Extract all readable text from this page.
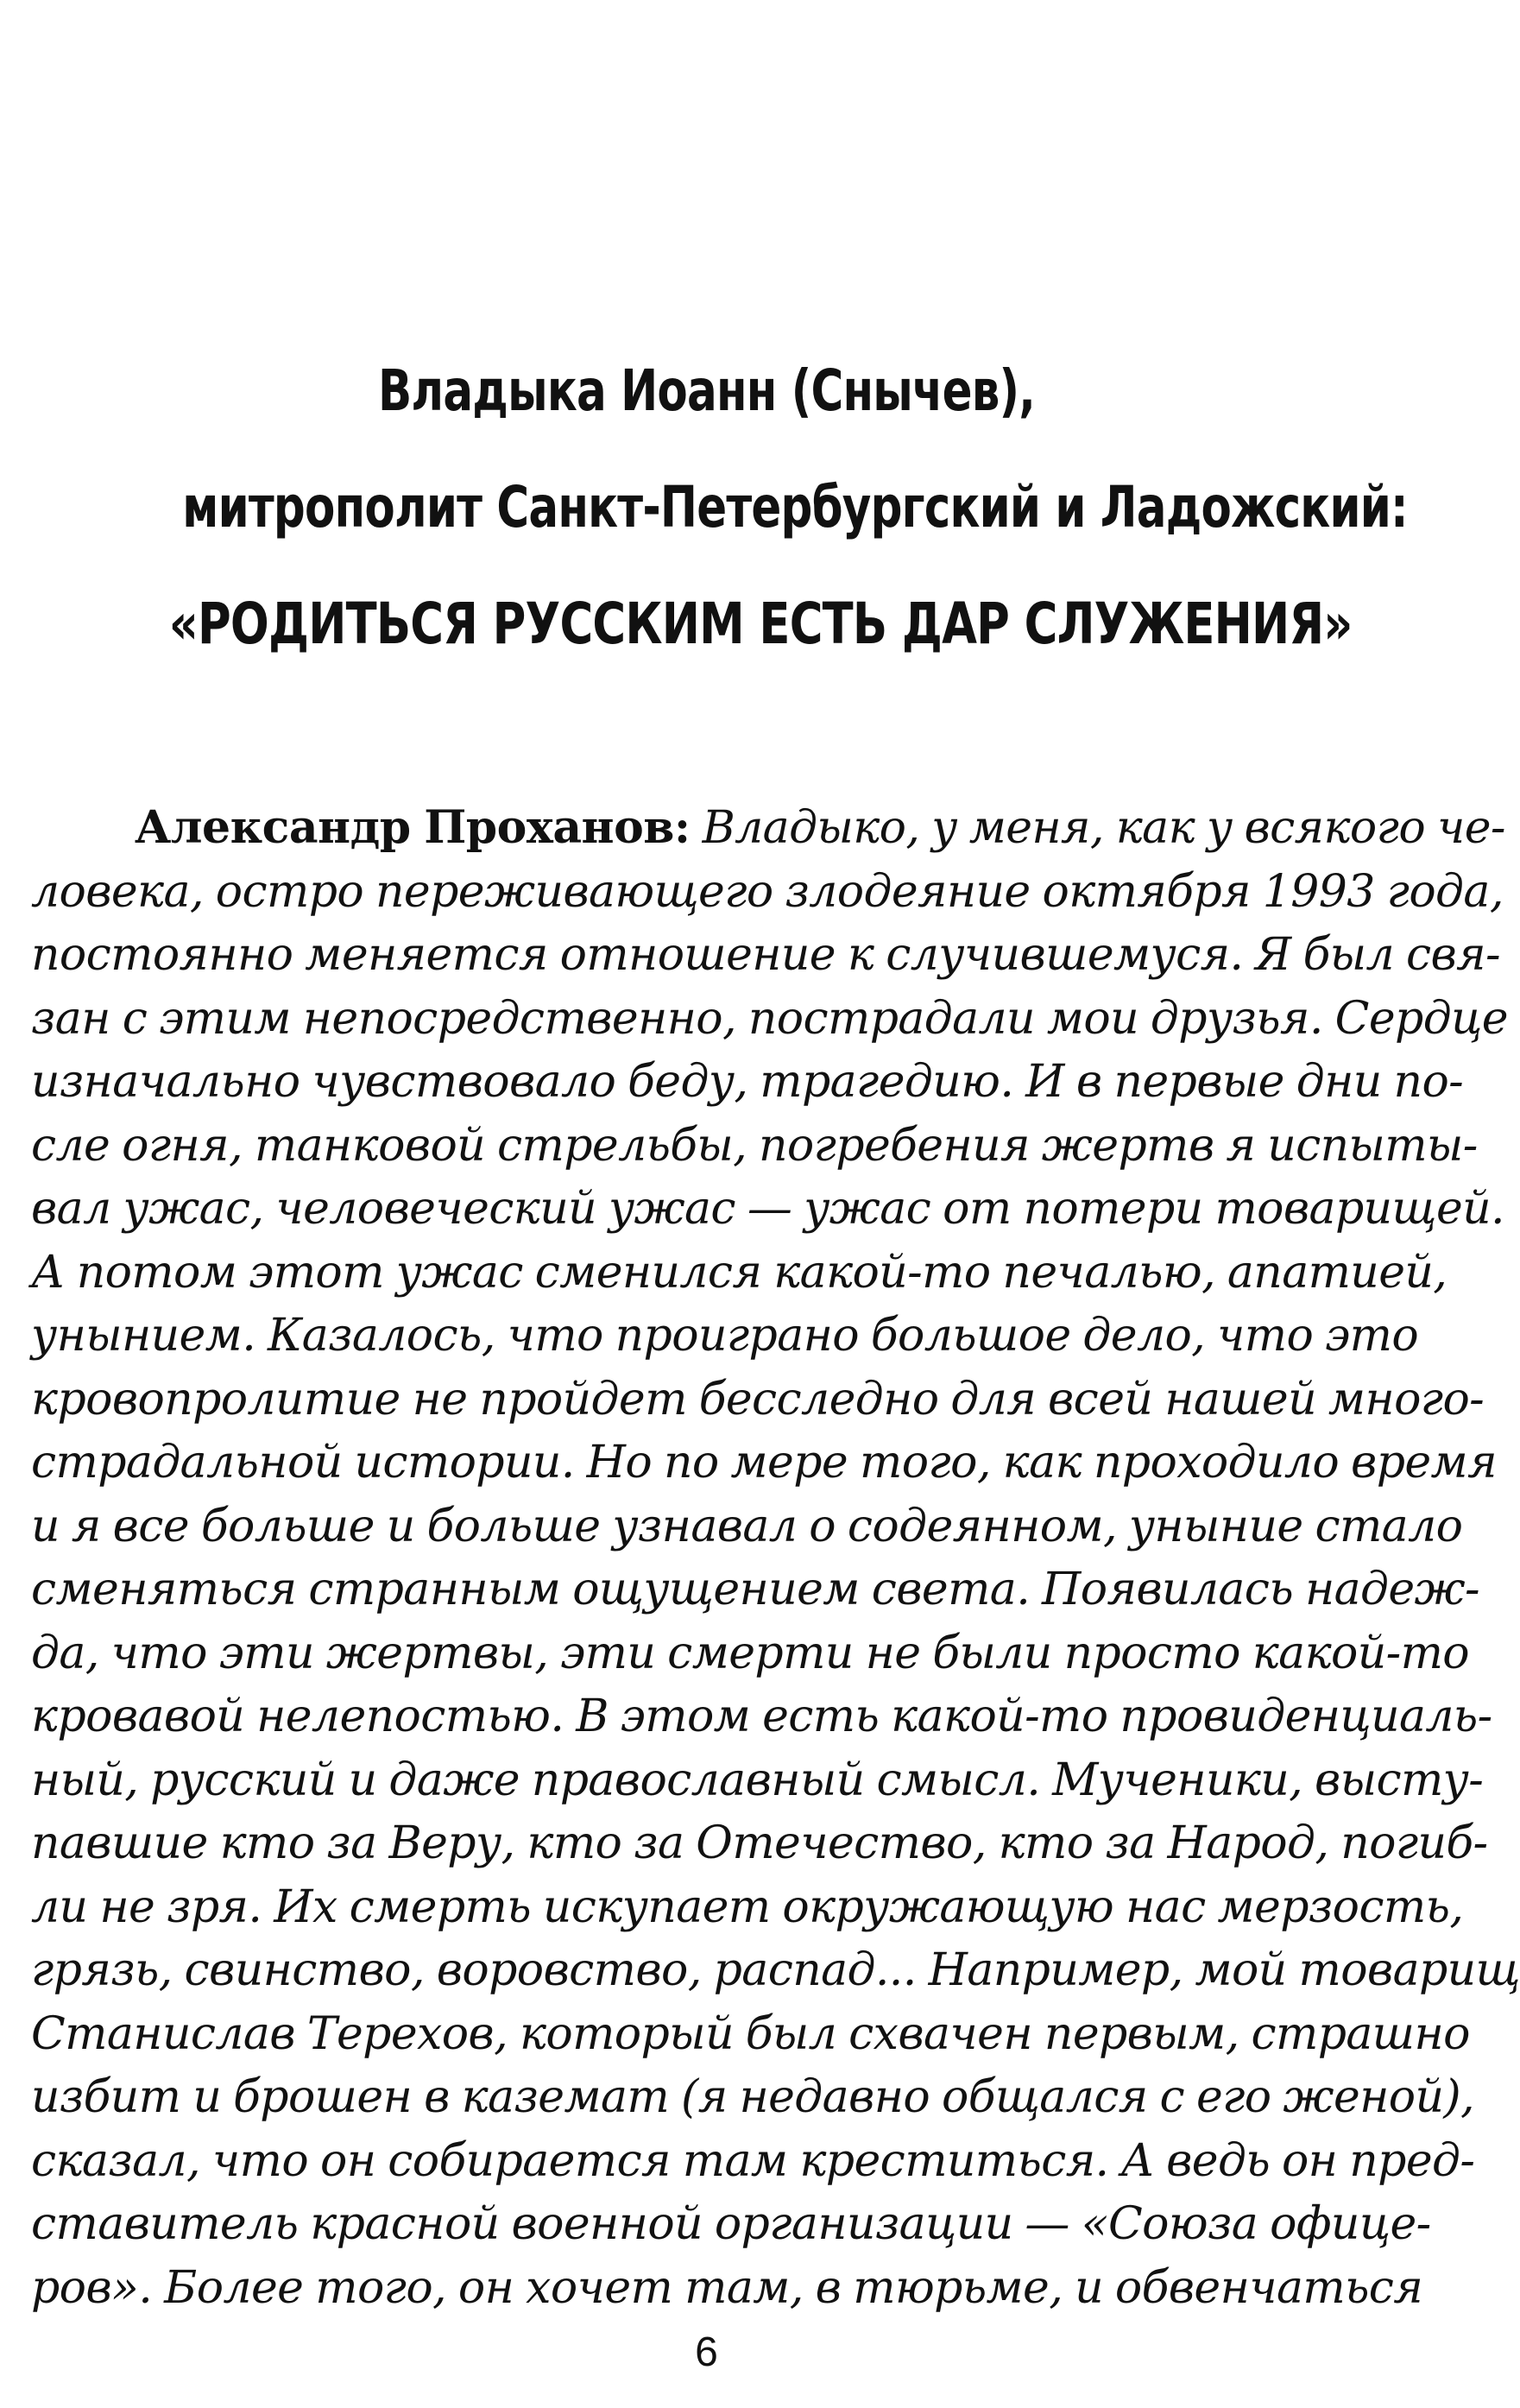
Владыка Иоанн (Снычев),
митрополит Санкт-Петербургский и Ладожский:
«РОДИТЬСЯ РУССКИМ ЕСТЬ ДАР СЛУЖЕНИЯ»
Александр Проханов: Владыко, у меня, как у всякого че-
ловека, остро переживающего злодеяние октября 1993 года,
постоянно меняется отношение к случившемуся. Я был свя-
зан с этим непосредственно, пострадали мои друзья. Сердце
изначально чувствовало беду, трагедию. И в первые дни по-
сле огня, танковой стрельбы, погребения жертв я испыты-
вал ужас, человеческий ужас — ужас от потери товарищей.
А потом этот ужас сменился какой-то печалью, апатией,
унынием. Казалось, что проиграно большое дело, что это
кровопролитие не пройдет бесследно для всей нашей много-
страдальной истории. Но по мере того, как проходило время
и я все больше и больше узнавал о содеянном, уныние стало
сменяться странным ощущением света. Появилась надеж-
да, что эти жертвы, эти смерти не были просто какой-то
кровавой нелепостью. В этом есть какой-то провиденциаль-
ный, русский и даже православный смысл. Мученики, высту-
павшие кто за Веру, кто за Отечество, кто за Народ, погиб-
ли не зря. Их смерть искупает окружающую нас мерзость,
грязь, свинство, воровство, распад... Например, мой товарищ
Станислав Терехов, который был схвачен первым, страшно
избит и брошен в каземат (я недавно общался с его женой),
сказал, что он собирается там креститься. А ведь он пред-
ставитель красной военной организации — «Союза офице-
ров». Более того, он хочет там, в тюрьме, и обвенчаться
6
